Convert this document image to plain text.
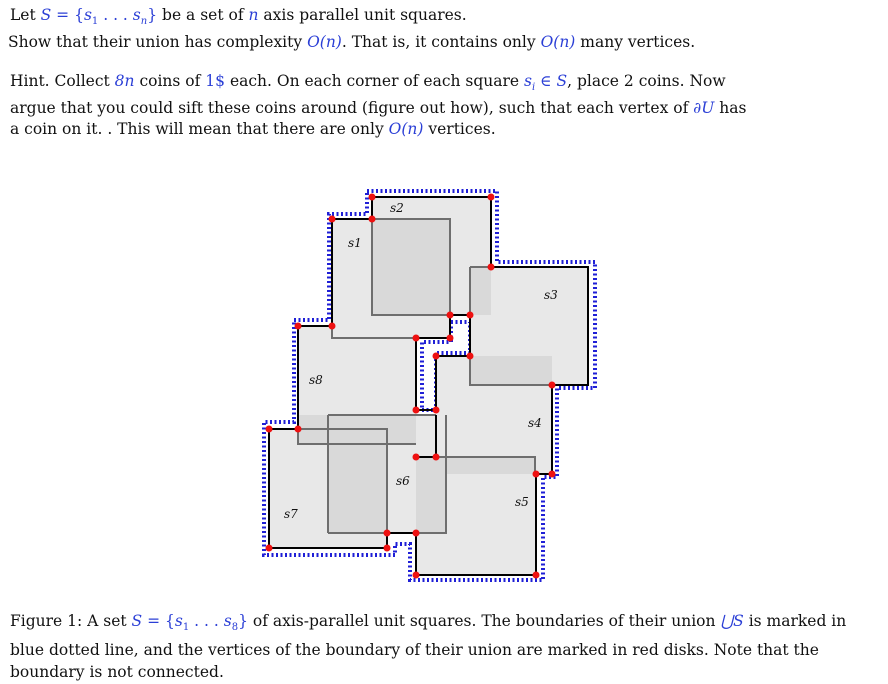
Let $S = \{s_1$ . . . $s_n$} be a set of n axis parallel unit squares.
Show that their union has complexity O(n). That is, it contains only O(n) many vertices.
Hint. Collect 8n coins of 1$ each. On each corner of each square $s_i$ ∈ S, place 2 coins. Now
argue that you could sift these coins around (figure out how), such that each vertex of ∂U has
a coin on it. . This will mean that there are only O(n) vertices.
s1
s2
s3
s4
s5
s6
s7
s8
Figure 1: A set $S = \{s_1$ . . . $s_8$} of axis-parallel unit squares. The boundaries of their union ⋃S is marked in blue dotted line, and the vertices of the boundary of their union are marked in red disks. Note that the boundary is not connected.
